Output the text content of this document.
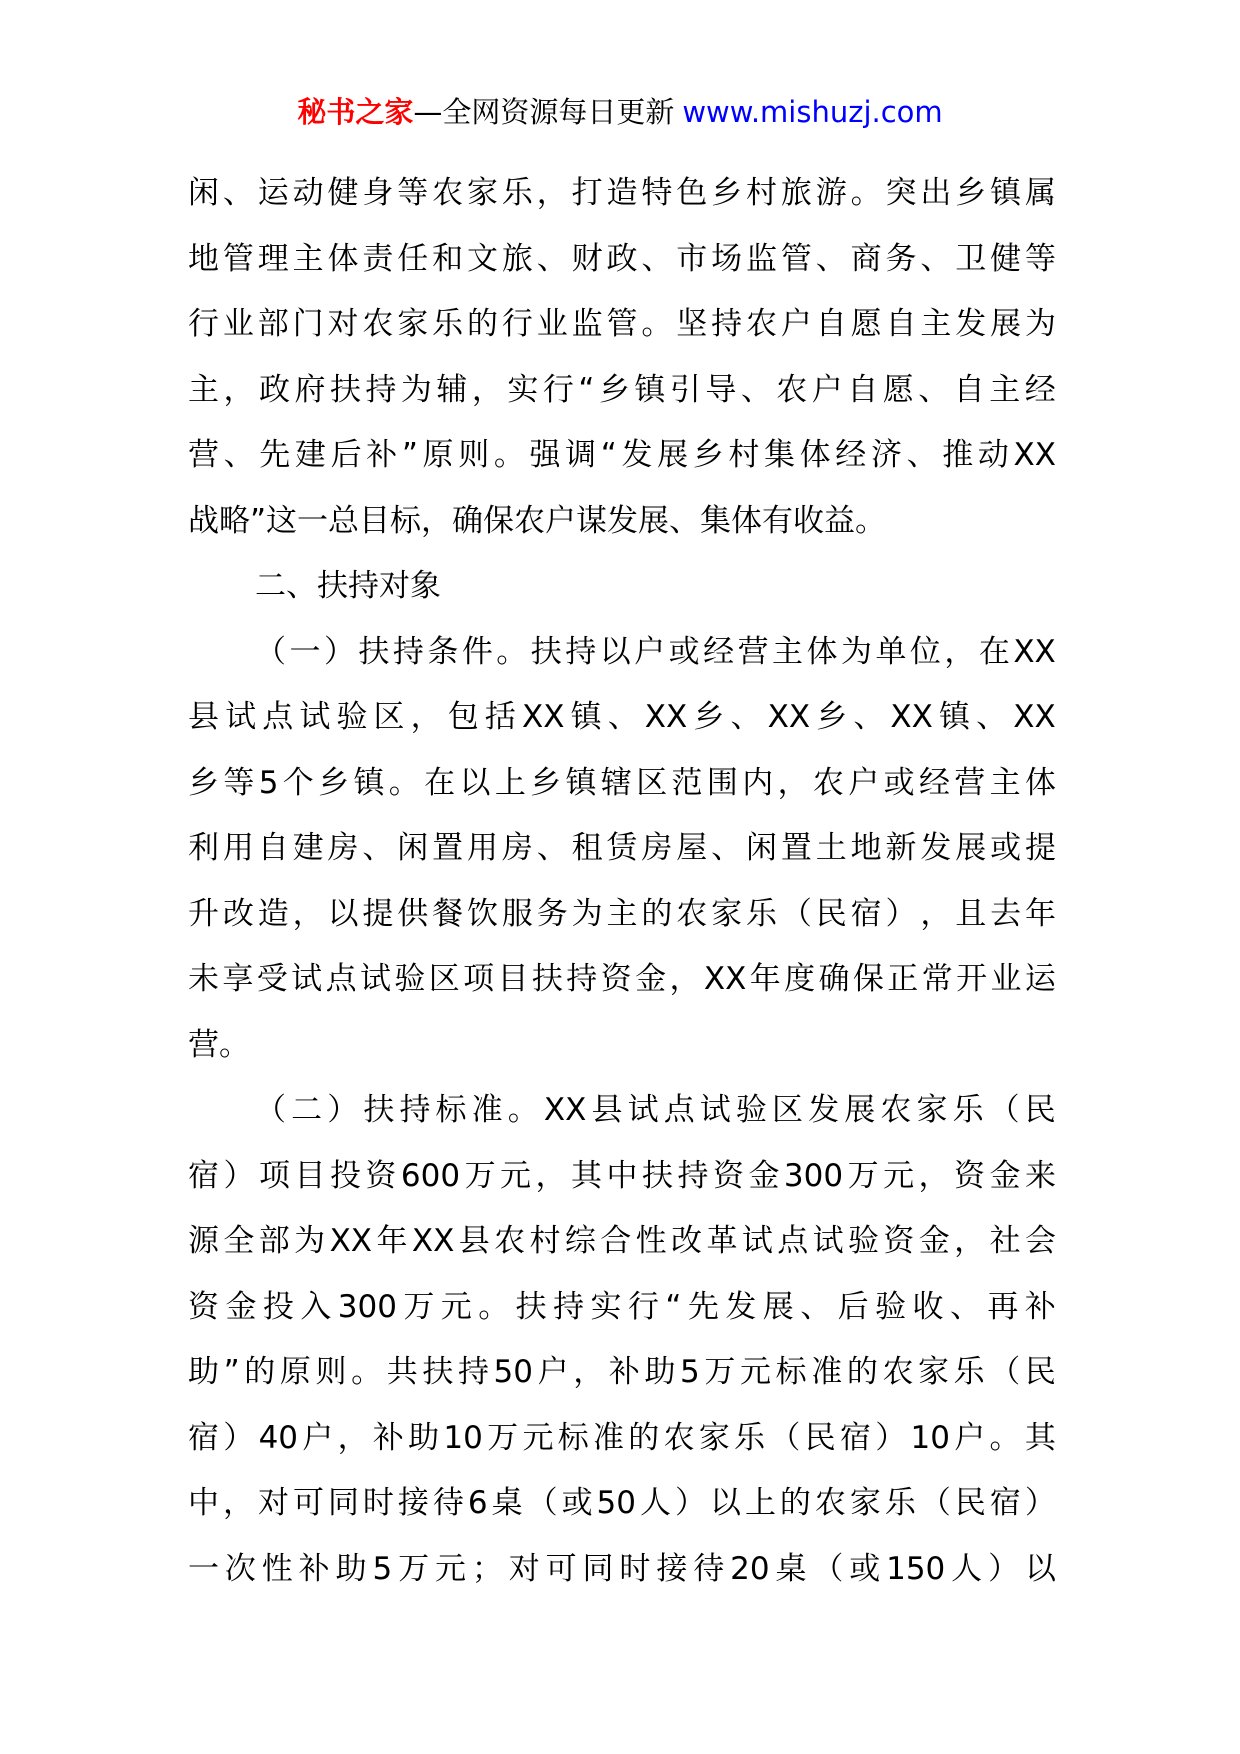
秘书之家—全网资源每日更新 www.mishuzj.com
闲 、 运 动 健 身 等 农 家 乐 ， 打 造 特 色 乡 村 旅 游 。 突 出 乡 镇 属
地 管 理 主 体 责 任 和 文 旅 、 财 政 、 市 场 监 管 、 商 务 、 卫 健 等
行 业 部 门 对 农 家 乐 的 行 业 监 管 。 坚 持 农 户 自 愿 自 主 发 展 为
主 ， 政 府 扶 持 为 辅 ， 实 行 “ 乡 镇 引 导 、 农 户 自 愿 、 自 主 经
营 、 先 建 后 补 ” 原 则 。 强 调 “ 发 展 乡 村 集 体 经 济 、 推 动 XX
战略”这一总目标，确保农户谋发展、集体有收益。
二、扶持对象
（ 一 ） 扶 持 条 件 。 扶 持 以 户 或 经 营 主 体 为 单 位 ， 在 XX
县 试 点 试 验 区 ， 包 括 XX 镇 、 XX 乡 、 XX 乡 、 XX 镇 、 XX
乡 等 5 个 乡 镇 。 在 以 上 乡 镇 辖 区 范 围 内 ， 农 户 或 经 营 主 体
利 用 自 建 房 、 闲 置 用 房 、 租 赁 房 屋 、 闲 置 土 地 新 发 展 或 提
升 改 造 ， 以 提 供 餐 饮 服 务 为 主 的 农 家 乐 （ 民 宿 ） ， 且 去 年
未 享 受 试 点 试 验 区 项 目 扶 持 资 金 ， XX 年 度 确 保 正 常 开 业 运
营。
（ 二 ） 扶 持 标 准 。 XX 县 试 点 试 验 区 发 展 农 家 乐 （ 民
宿 ） 项 目 投 资 600 万 元 ， 其 中 扶 持 资 金 300 万 元 ， 资 金 来
源 全 部 为 XX 年 XX 县 农 村 综 合 性 改 革 试 点 试 验 资 金 ， 社 会
资 金 投 入 300 万 元 。 扶 持 实 行 “ 先 发 展 、 后 验 收 、 再 补
助 ” 的 原 则 。 共 扶 持 50 户 ， 补 助 5 万 元 标 准 的 农 家 乐 （ 民
宿 ） 40 户 ， 补 助 10 万 元 标 准 的 农 家 乐 （ 民 宿 ） 10 户 。 其
中 ， 对 可 同 时 接 待 6 桌 （ 或 50 人 ） 以 上 的 农 家 乐 （ 民 宿 ）
一 次 性 补 助 5 万 元 ； 对 可 同 时 接 待 20 桌 （ 或 150 人 ） 以
